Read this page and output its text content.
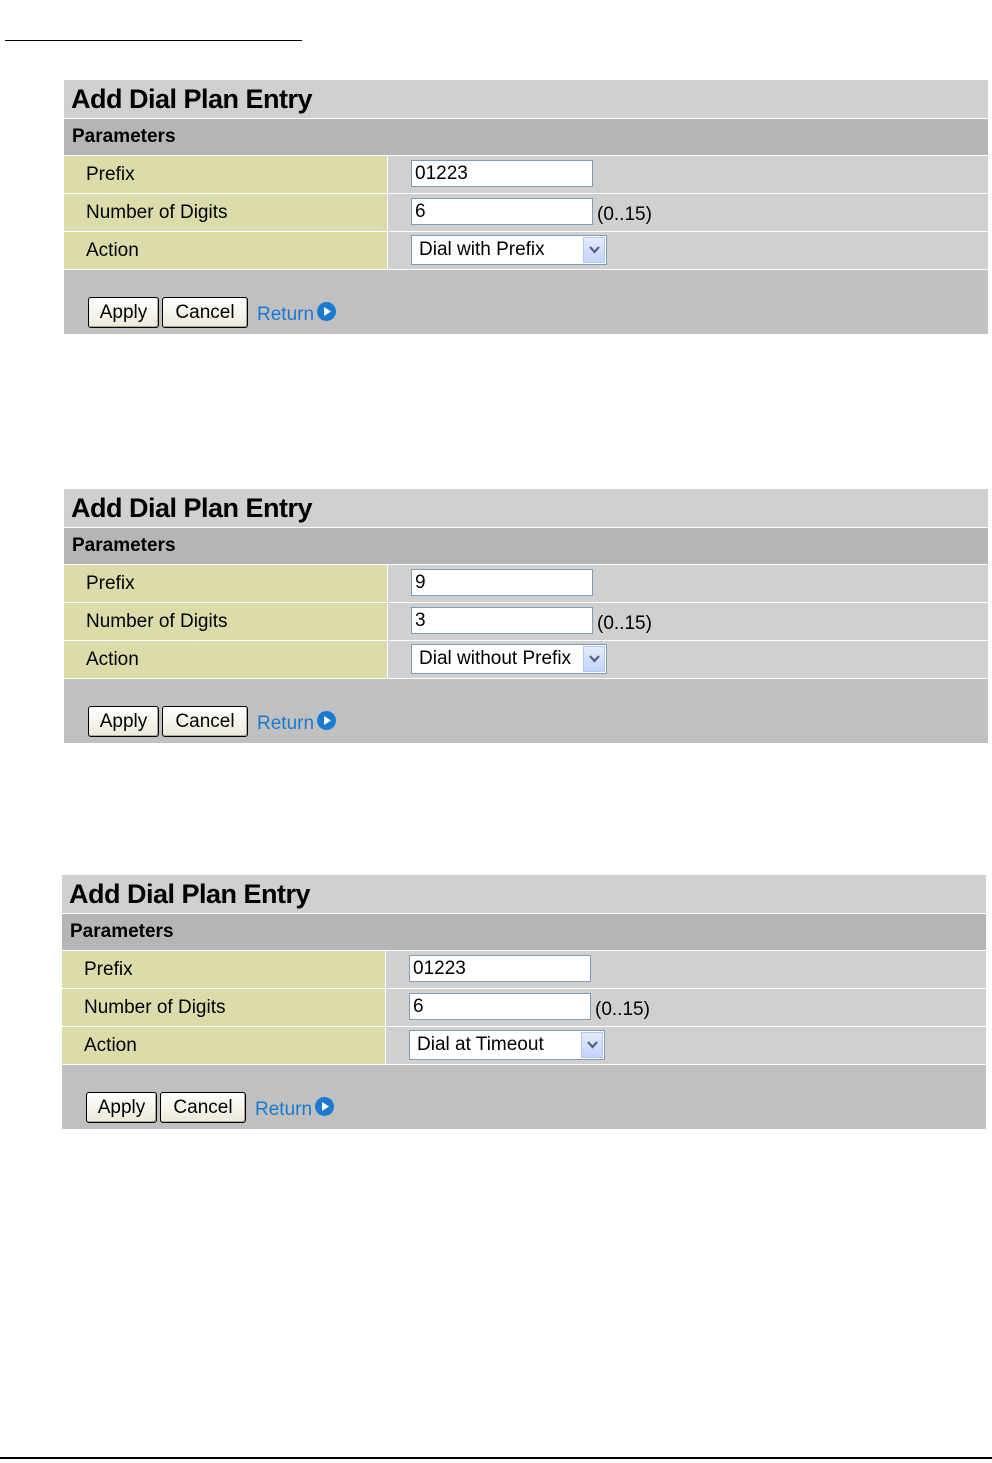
Add Dial Plan Entry
Parameters
Prefix	01223
Number of Digits	6	(0..15)
Action	Dial with Prefix
Apply	Cancel	Return
Add Dial Plan Entry
Parameters
Prefix	9
Number of Digits	3	(0..15)
Action	Dial without Prefix
Apply	Cancel	Return
Add Dial Plan Entry
Parameters
Prefix	01223
Number of Digits	6	(0..15)
Action	Dial at Timeout
Apply	Cancel	Return
